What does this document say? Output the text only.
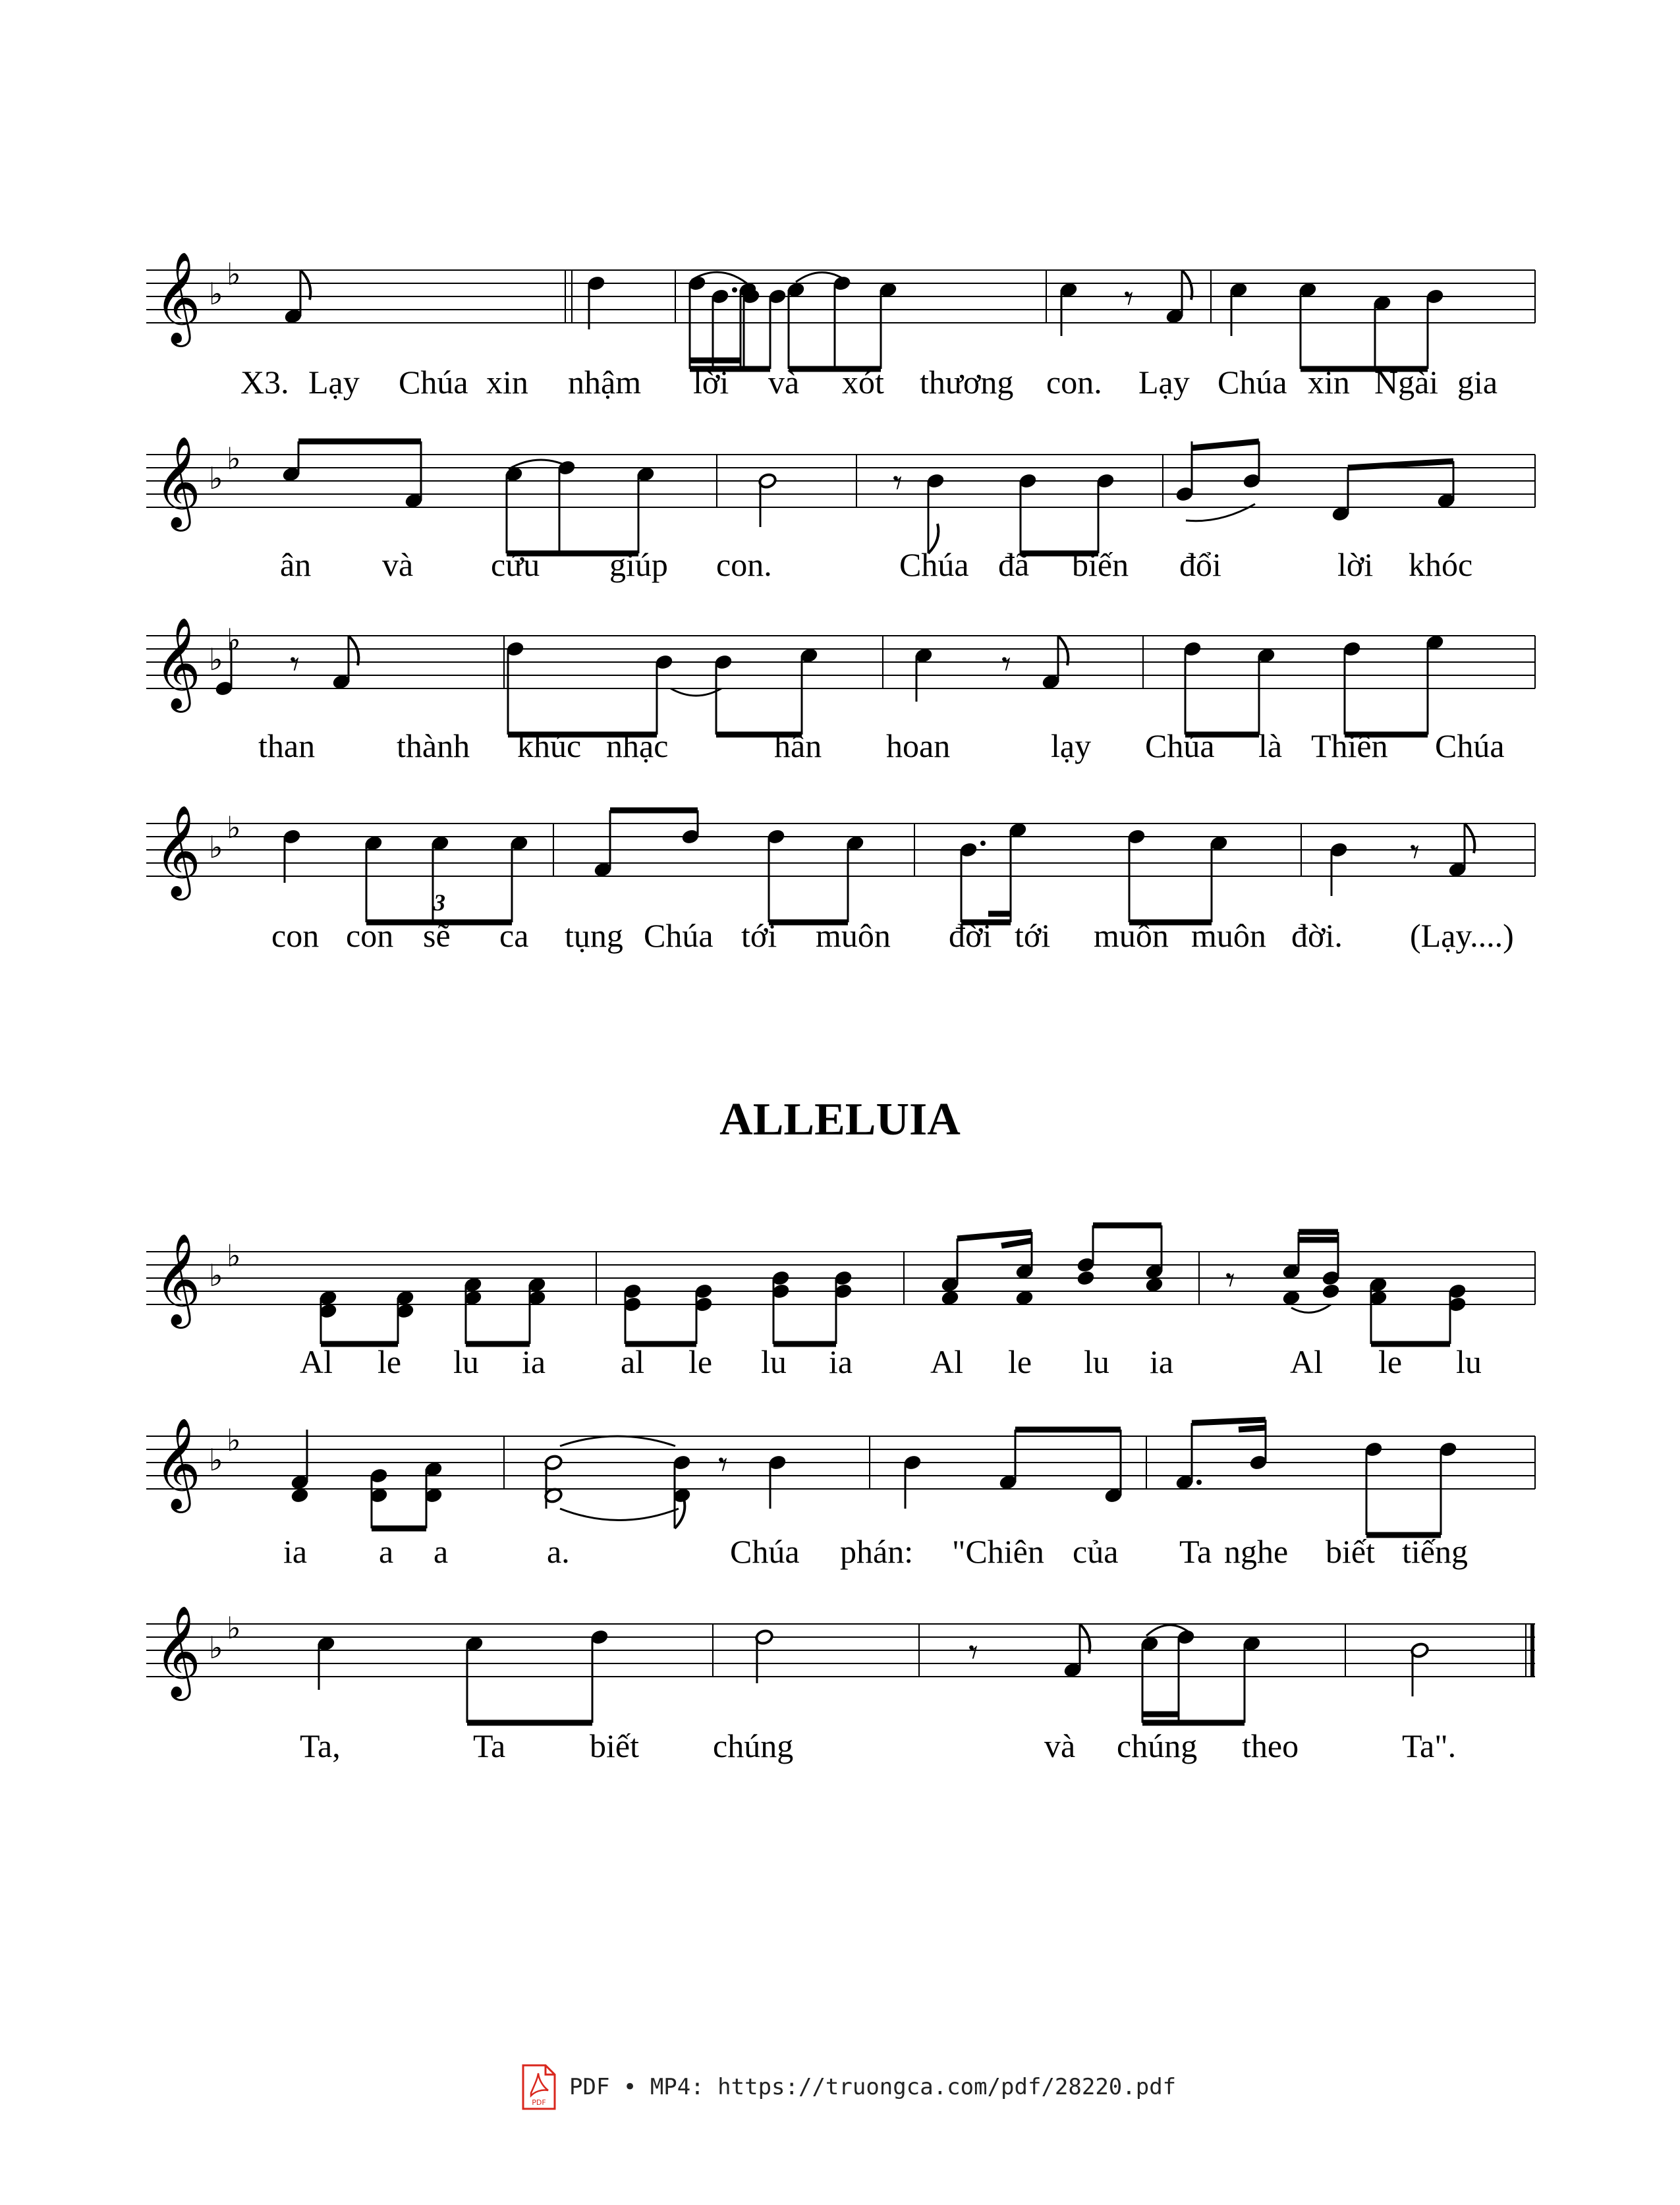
𝄞 ♭
♭
𝄾
𝄞 ♭
♭
𝄾
𝄞 ♭
♭
𝄾	𝄾
𝄞 ♭
♭
𝄾
𝄞 ♭
♭
𝄾
𝄞 ♭
♭
𝄾
𝄞 ♭
♭
𝄾
ALLELUIA
3
X3. Lạy Chúa xin nhậm lời và xót thương con. Lạy Chúa xin Ngài gia
ân và cứu giúp con.	Chúa đã biến đổi	lời khóc
than thành khúc nhạc	hân hoan	lạy Chúa là Thiên Chúa
con con sẽ ca tụng Chúa tới muôn đời tới muôn muôn đời. (Lạy....)
Al le lu ia al le lu ia Al le lu ia	Al le lu
ia a a	a.	Chúa phán: "Chiên của Ta nghe biết tiếng
Ta,	Ta	biết chúng	và chúng theo	Ta".
PDF
PDF • MP4: https://truongca.com/pdf/28220.pdf
